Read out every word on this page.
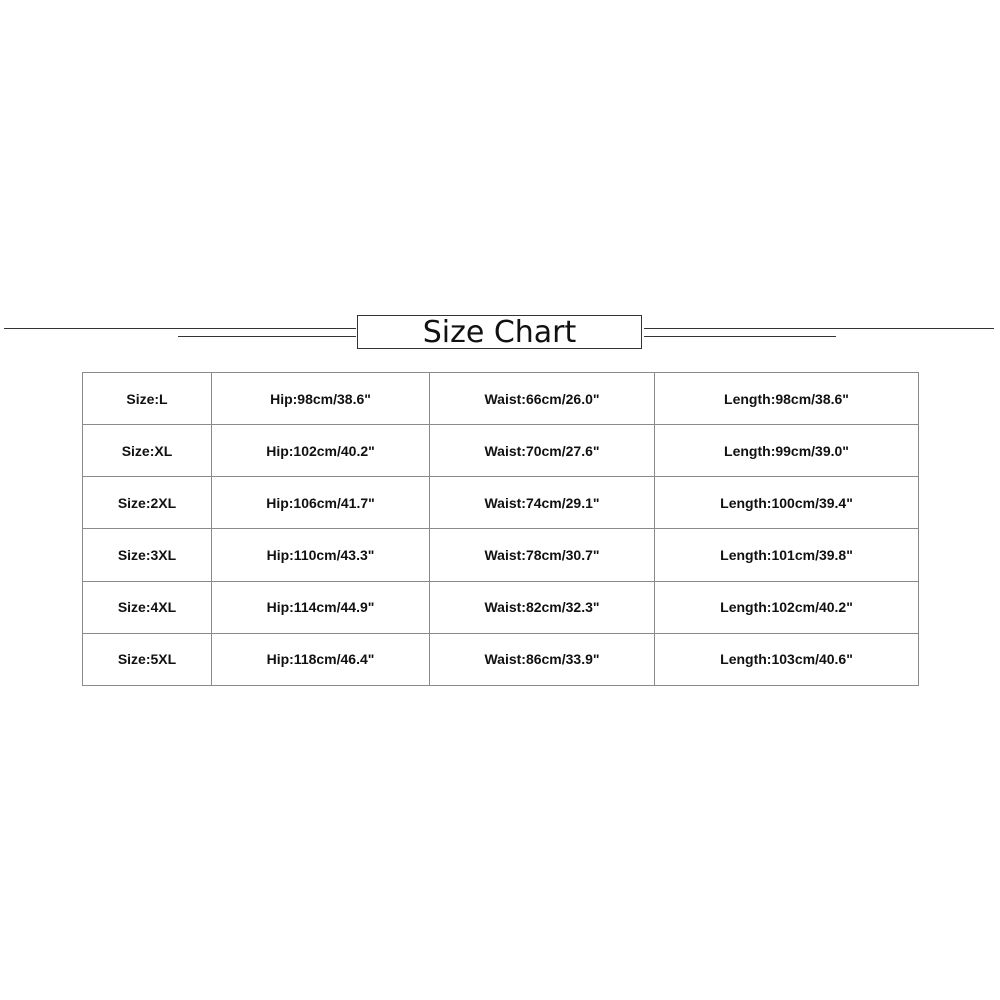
Size Chart
Size:L	Hip:98cm/38.6"	Waist:66cm/26.0"	Length:98cm/38.6"
Size:XL	Hip:102cm/40.2"	Waist:70cm/27.6"	Length:99cm/39.0"
Size:2XL	Hip:106cm/41.7"	Waist:74cm/29.1"	Length:100cm/39.4"
Size:3XL	Hip:110cm/43.3"	Waist:78cm/30.7"	Length:101cm/39.8"
Size:4XL	Hip:114cm/44.9"	Waist:82cm/32.3"	Length:102cm/40.2"
Size:5XL	Hip:118cm/46.4"	Waist:86cm/33.9"	Length:103cm/40.6"
